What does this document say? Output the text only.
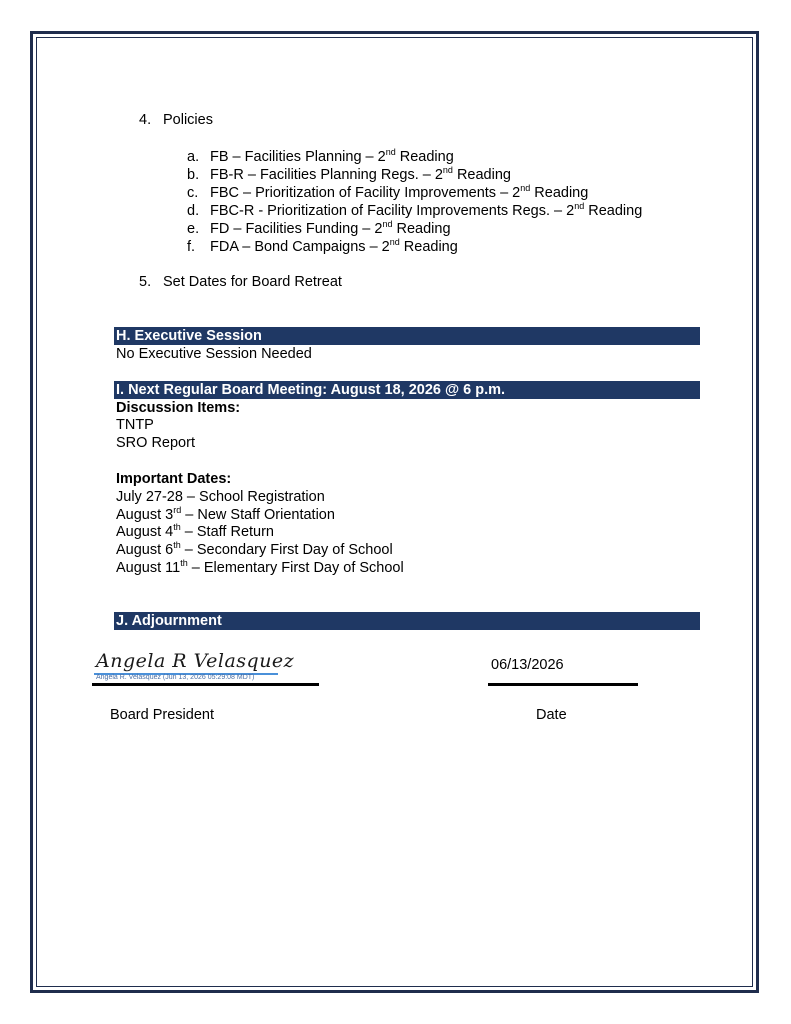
4. Policies
a. FB – Facilities Planning – 2nd Reading
b. FB-R – Facilities Planning Regs. – 2nd Reading
c. FBC – Prioritization of Facility Improvements – 2nd Reading
d. FBC-R - Prioritization of Facility Improvements Regs. – 2nd Reading
e. FD – Facilities Funding – 2nd Reading
f. FDA – Bond Campaigns – 2nd Reading
5. Set Dates for Board Retreat
H. Executive Session
No Executive Session Needed
I. Next Regular Board Meeting: August 18, 2026 @ 6 p.m.
Discussion Items:
TNTP
SRO Report
Important Dates:
July 27-28 – School Registration
August 3rd – New Staff Orientation
August 4th – Staff Return
August 6th – Secondary First Day of School
August 11th – Elementary First Day of School
J. Adjournment
Angela R Velasquez
Angela R. Velasquez (Jun 13, 2026 05:29:08 MDT)
06/13/2026
Board President	Date
